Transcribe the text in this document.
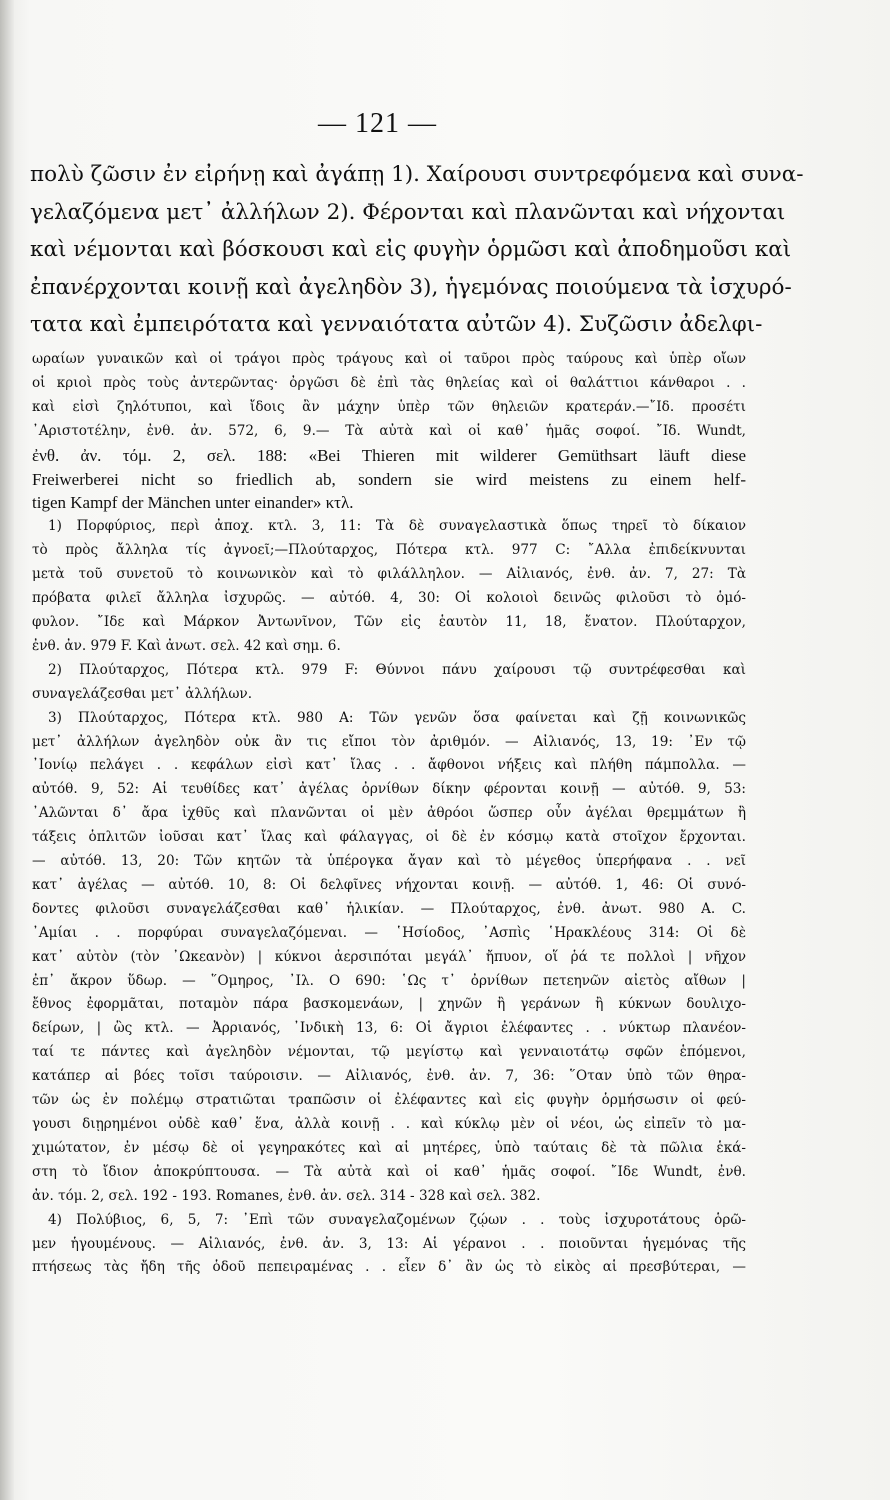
— 121 —
πολὺ ζῶσιν ἐν εἰρήνῃ καὶ ἀγάπῃ 1). Χαίρουσι συντρεφόμενα καὶ συνα-
γελαζόμενα μετ᾽ ἀλλήλων 2). Φέρονται καὶ πλανῶνται καὶ νήχονται
καὶ νέμονται καὶ βόσκουσι καὶ εἰς φυγὴν ὁρμῶσι καὶ ἀποδημοῦσι καὶ
ἐπανέρχονται κοινῇ καὶ ἀγεληδὸν 3), ἡγεμόνας ποιούμενα τὰ ἰσχυρό-
τατα καὶ ἐμπειρότατα καὶ γενναιότατα αὐτῶν 4). Συζῶσιν ἀδελφι-
ωραίων γυναικῶν καὶ οἱ τράγοι πρὸς τράγους καὶ οἱ ταῦροι πρὸς ταύρους καὶ ὑπὲρ οἴων
οἱ κριοὶ πρὸς τοὺς ἀντερῶντας· ὀργῶσι δὲ ἐπὶ τὰς θηλείας καὶ οἱ θαλάττιοι κάνθαροι . .
καὶ εἰσὶ ζηλότυποι, καὶ ἴδοις ἂν μάχην ὑπὲρ τῶν θηλειῶν κρατεράν.—῎Ιδ. προσέτι
᾽Αριστοτέλην, ἐνθ. ἀν. 572, 6, 9.— Τὰ αὐτὰ καὶ οἱ καθ᾽ ἡμᾶς σοφοί. ῎Ιδ. Wundt,
ἐνθ. ἀν. τόμ. 2, σελ. 188: «Bei Thieren mit wilderer Gemüthsart läuft diese
Freiwerberei nicht so friedlich ab, sondern sie wird meistens zu einem helf-
tigen Kampf der Mänchen unter einander» κτλ.
1) Πορφύριος, περὶ ἀποχ. κτλ. 3, 11: Τὰ δὲ συναγελαστικὰ ὅπως τηρεῖ τὸ δίκαιον
τὸ πρὸς ἄλληλα τίς ἀγνοεῖ;—Πλούταρχος, Πότερα κτλ. 977 C: ῎Αλλα ἐπιδείκνυνται
μετὰ τοῦ συνετοῦ τὸ κοινωνικὸν καὶ τὸ φιλάλληλον. — Αἰλιανός, ἐνθ. ἀν. 7, 27: Τὰ
πρόβατα φιλεῖ ἄλληλα ἰσχυρῶς. — αὐτόθ. 4, 30: Οἱ κολοιοὶ δεινῶς φιλοῦσι τὸ ὁμό-
φυλον. ῎Ιδε καὶ Μάρκον Ἀντωνῖνον, Τῶν εἰς ἑαυτὸν 11, 18, ἔνατον. Πλούταρχον,
ἐνθ. ἀν. 979 F. Καὶ ἀνωτ. σελ. 42 καὶ σημ. 6.
2) Πλούταρχος, Πότερα κτλ. 979 F: Θύννοι πάνυ χαίρουσι τῷ συντρέφεσθαι καὶ
συναγελάζεσθαι μετ᾽ ἀλλήλων.
3) Πλούταρχος, Πότερα κτλ. 980 A: Τῶν γενῶν ὅσα φαίνεται καὶ ζῇ κοινωνικῶς
μετ᾽ ἀλλήλων ἀγεληδὸν οὐκ ἂν τις εἴποι τὸν ἀριθμόν. — Αἰλιανός, 13, 19: ᾽Εν τῷ
᾽Ιονίῳ πελάγει . . κεφάλων εἰσὶ κατ᾽ ἴλας . . ἄφθονοι νήξεις καὶ πλήθη πάμπολλα. —
αὐτόθ. 9, 52: Αἱ τευθίδες κατ᾽ ἀγέλας ὀρνίθων δίκην φέρονται κοινῇ — αὐτόθ. 9, 53:
᾽Αλῶνται δ᾽ ἄρα ἰχθῦς καὶ πλανῶνται οἱ μὲν ἀθρόοι ὥσπερ οὖν ἀγέλαι θρεμμάτων ἢ
τάξεις ὁπλιτῶν ἰοῦσαι κατ᾽ ἴλας καὶ φάλαγγας, οἱ δὲ ἐν κόσμῳ κατὰ στοῖχον ἔρχονται.
— αὐτόθ. 13, 20: Τῶν κητῶν τὰ ὑπέρογκα ἄγαν καὶ τὸ μέγεθος ὑπερήφανα . . νεῖ
κατ᾽ ἀγέλας — αὐτόθ. 10, 8: Οἱ δελφῖνες νήχονται κοινῇ. — αὐτόθ. 1, 46: Οἱ συνό-
δοντες φιλοῦσι συναγελάζεσθαι καθ᾽ ἡλικίαν. — Πλούταρχος, ἐνθ. ἀνωτ. 980 A. C.
᾽Αμίαι . . πορφύραι συναγελαζόμεναι. — ῾Ησίοδος, ᾽Ασπὶς ῾Ηρακλέους 314: Οἱ δὲ
κατ᾽ αὐτὸν (τὸν ᾽Ωκεανὸν) | κύκνοι ἀερσιπόται μεγάλ᾽ ἤπυον, οἵ ῥά τε πολλοὶ | νῆχον
ἐπ᾽ ἄκρον ὕδωρ. — ῞Ομηρος, ᾽Ιλ. Ο 690: ῾Ως τ᾽ ὀρνίθων πετεηνῶν αἰετὸς αἴθων |
ἔθνος ἐφορμᾶται, ποταμὸν πάρα βασκομενάων, | χηνῶν ἢ γεράνων ἢ κύκνων δουλιχο-
δείρων, | ὣς κτλ. — Ἀρριανός, ᾽Ινδικὴ 13, 6: Οἱ ἄγριοι ἐλέφαντες . . νύκτωρ πλανέον-
ταί τε πάντες καὶ ἀγεληδὸν νέμονται, τῷ μεγίστῳ καὶ γενναιοτάτῳ σφῶν ἑπόμενοι,
κατάπερ αἱ βόες τοῖσι ταύροισιν. — Αἰλιανός, ἐνθ. ἀν. 7, 36: ῞Οταν ὑπὸ τῶν θηρα-
τῶν ὡς ἐν πολέμῳ στρατιῶται τραπῶσιν οἱ ἐλέφαντες καὶ εἰς φυγὴν ὁρμήσωσιν οἱ φεύ-
γουσι διῃρημένοι οὐδὲ καθ᾽ ἕνα, ἀλλὰ κοινῇ . . καὶ κύκλῳ μὲν οἱ νέοι, ὡς εἰπεῖν τὸ μα-
χιμώτατον, ἐν μέσῳ δὲ οἱ γεγηρακότες καὶ αἱ μητέρες, ὑπὸ ταύταις δὲ τὰ πῶλια ἑκά-
στη τὸ ἴδιον ἀποκρύπτουσα. — Τὰ αὐτὰ καὶ οἱ καθ᾽ ἡμᾶς σοφοί. ῎Ιδε Wundt, ἐνθ.
ἀν. τόμ. 2, σελ. 192 - 193. Romanes, ἐνθ. ἀν. σελ. 314 - 328 καὶ σελ. 382.
4) Πολύβιος, 6, 5, 7: ᾽Επὶ τῶν συναγελαζομένων ζῴων . . τοὺς ἰσχυροτάτους ὁρῶ-
μεν ἡγουμένους. — Αἰλιανός, ἐνθ. ἀν. 3, 13: Αἱ γέρανοι . . ποιοῦνται ἡγεμόνας τῆς
πτήσεως τὰς ἤδη τῆς ὁδοῦ πεπειραμένας . . εἶεν δ᾽ ἂν ὡς τὸ εἰκὸς αἱ πρεσβύτεραι, —
